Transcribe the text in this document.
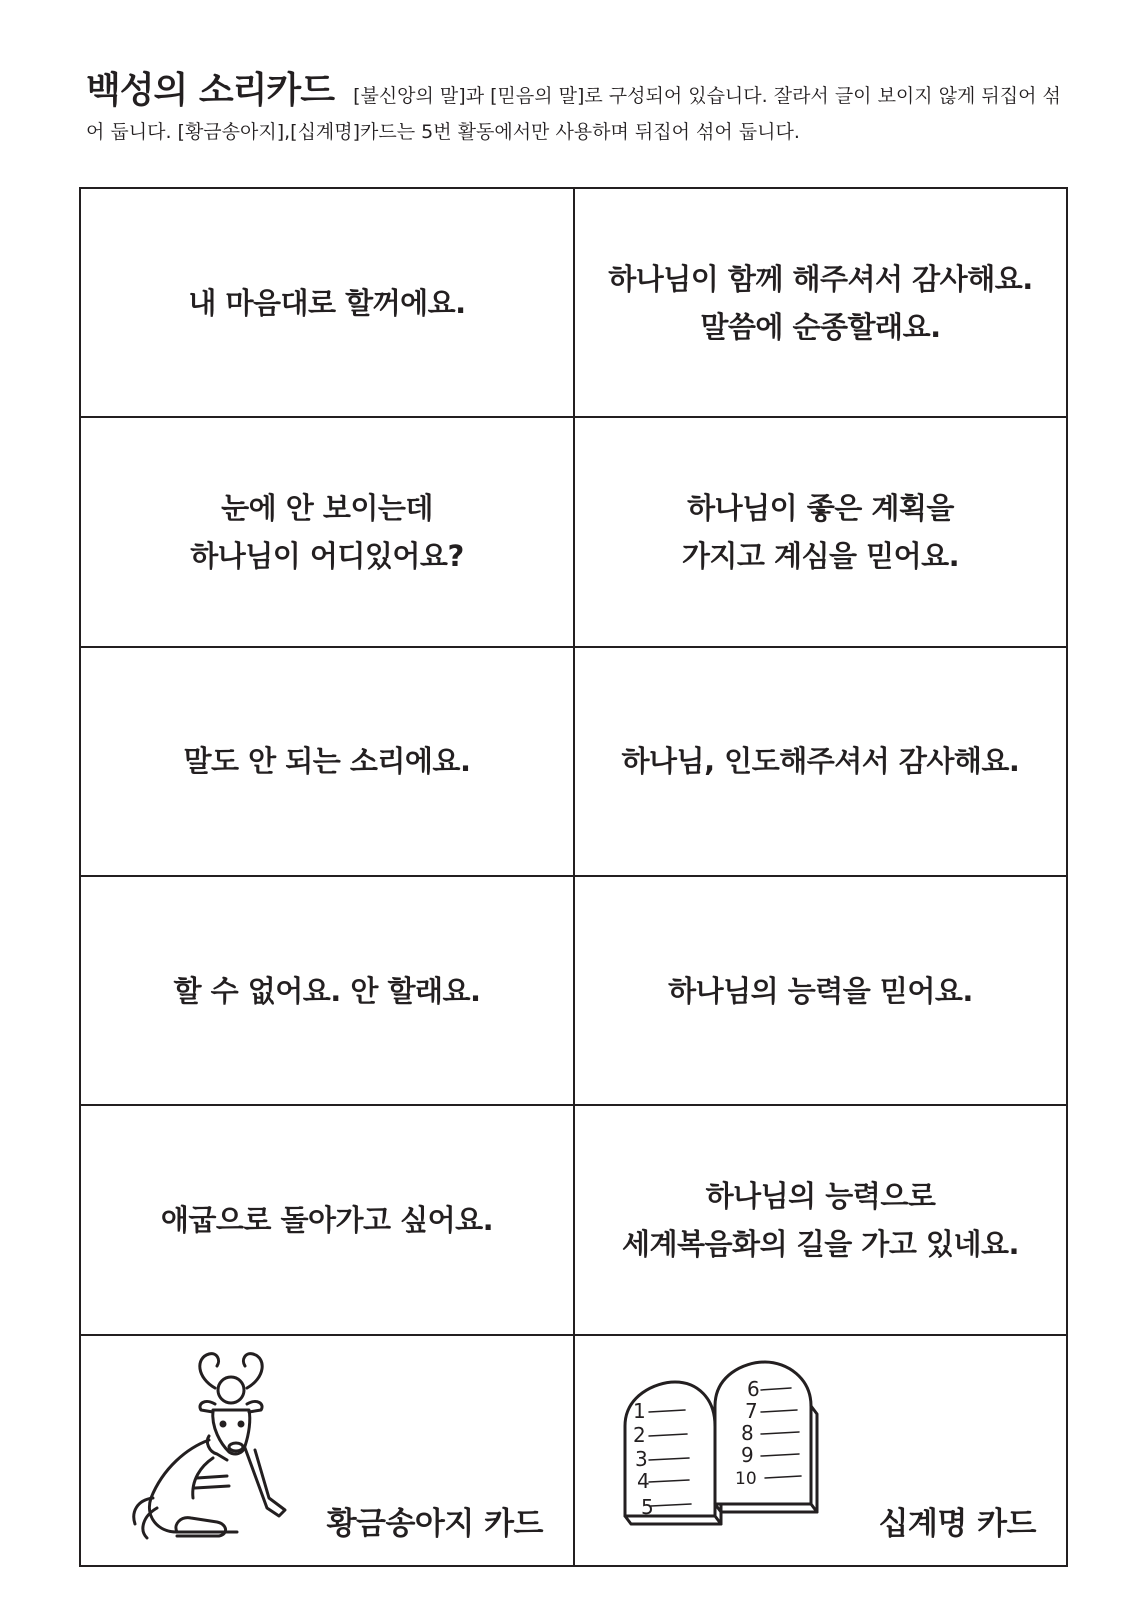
백성의 소리카드 [불신앙의 말]과 [믿음의 말]로 구성되어 있습니다. 잘라서 글이 보이지 않게 뒤집어 섞어 둡니다. [황금송아지],[십계명]카드는 5번 활동에서만 사용하며 뒤집어 섞어 둡니다.
내 마음대로 할꺼에요.
하나님이 함께 해주셔서 감사해요.
말씀에 순종할래요.
눈에 안 보이는데
하나님이 어디있어요?
하나님이 좋은 계획을
가지고 계심을 믿어요.
말도 안 되는 소리에요.	하나님, 인도해주셔서 감사해요.
할 수 없어요. 안 할래요.	하나님의 능력을 믿어요.
애굽으로 돌아가고 싶어요.
하나님의 능력으로
세계복음화의 길을 가고 있네요.
황금송아지 카드
1
2
3
4
5
6
7
8
9
10
십계명 카드
